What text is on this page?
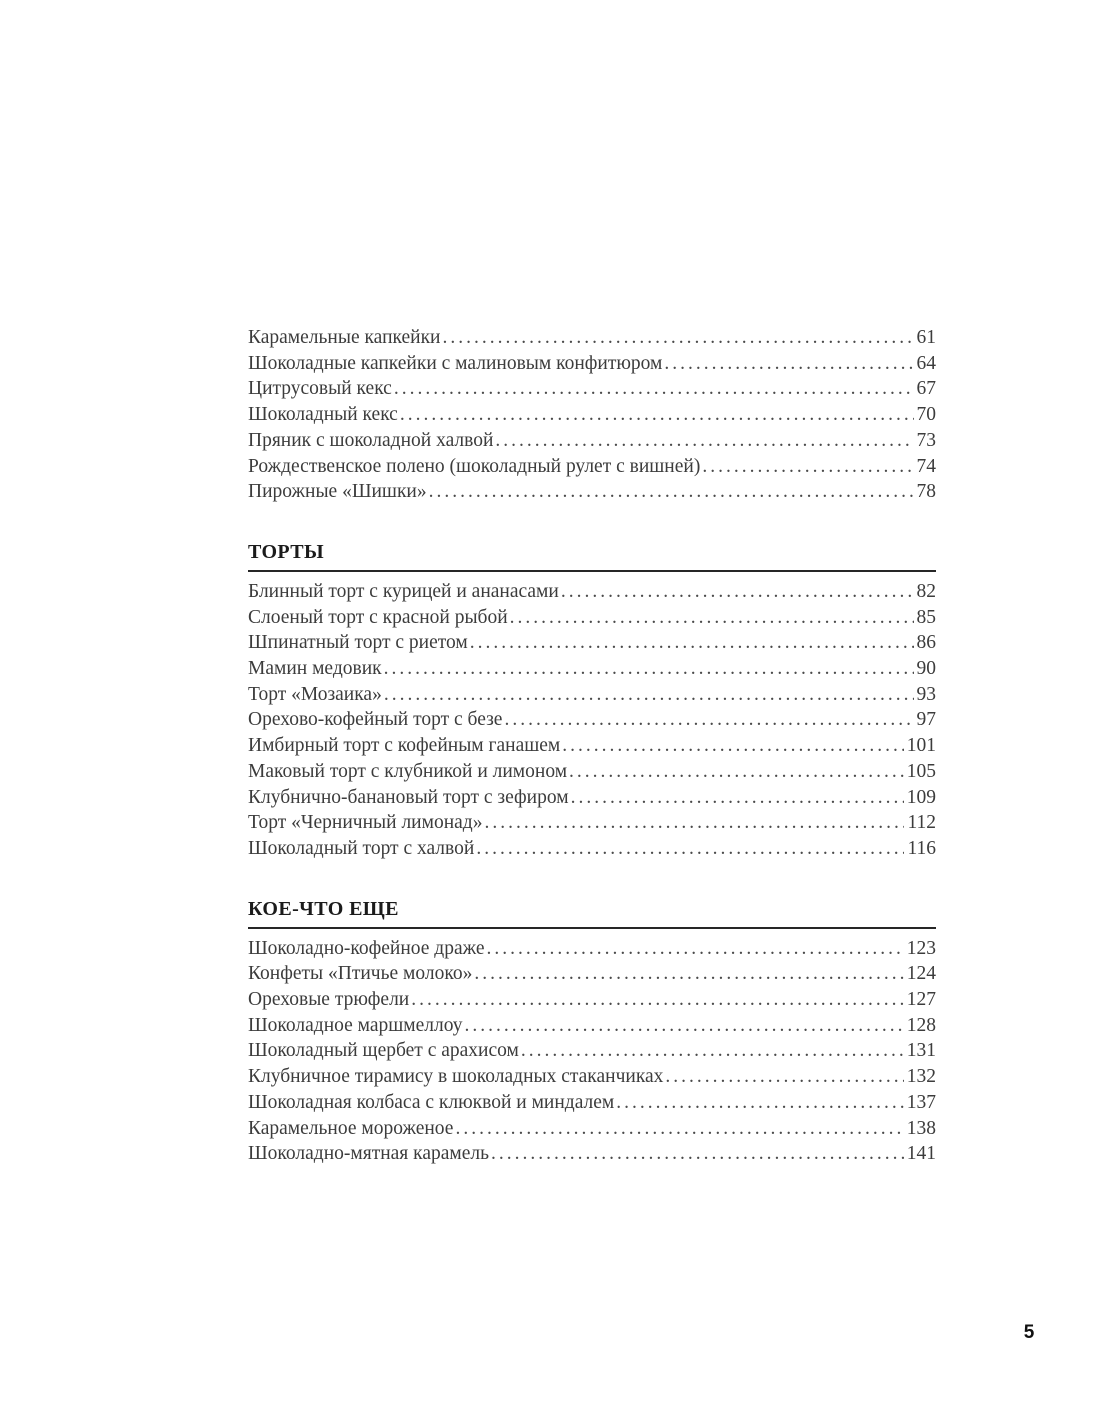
Карамельные капкейки .....	61
Шоколадные капкейки с малиновым конфитюром .....	64
Цитрусовый кекс .....	67
Шоколадный кекс .....	70
Пряник с шоколадной халвой .....	73
Рождественское полено (шоколадный рулет с вишней) .....	74
Пирожные «Шишки» .....	78
ТОРТЫ
Блинный торт с курицей и ананасами .....	82
Слоеный торт с красной рыбой .....	85
Шпинатный торт с риетом .....	86
Мамин медовик .....	90
Торт «Мозаика» .....	93
Орехово-кофейный торт с безе .....	97
Имбирный торт с кофейным ганашем .....	101
Маковый торт с клубникой и лимоном .....	105
Клубнично-банановый торт с зефиром .....	109
Торт «Черничный лимонад» .....	112
Шоколадный торт с халвой .....	116
КОЕ-ЧТО ЕЩЕ
Шоколадно-кофейное драже .....	123
Конфеты «Птичье молоко» .....	124
Ореховые трюфели .....	127
Шоколадное маршмеллоу .....	128
Шоколадный щербет с арахисом .....	131
Клубничное тирамису в шоколадных стаканчиках .....	132
Шоколадная колбаса с клюквой и миндалем .....	137
Карамельное мороженое .....	138
Шоколадно-мятная карамель .....	141
5
